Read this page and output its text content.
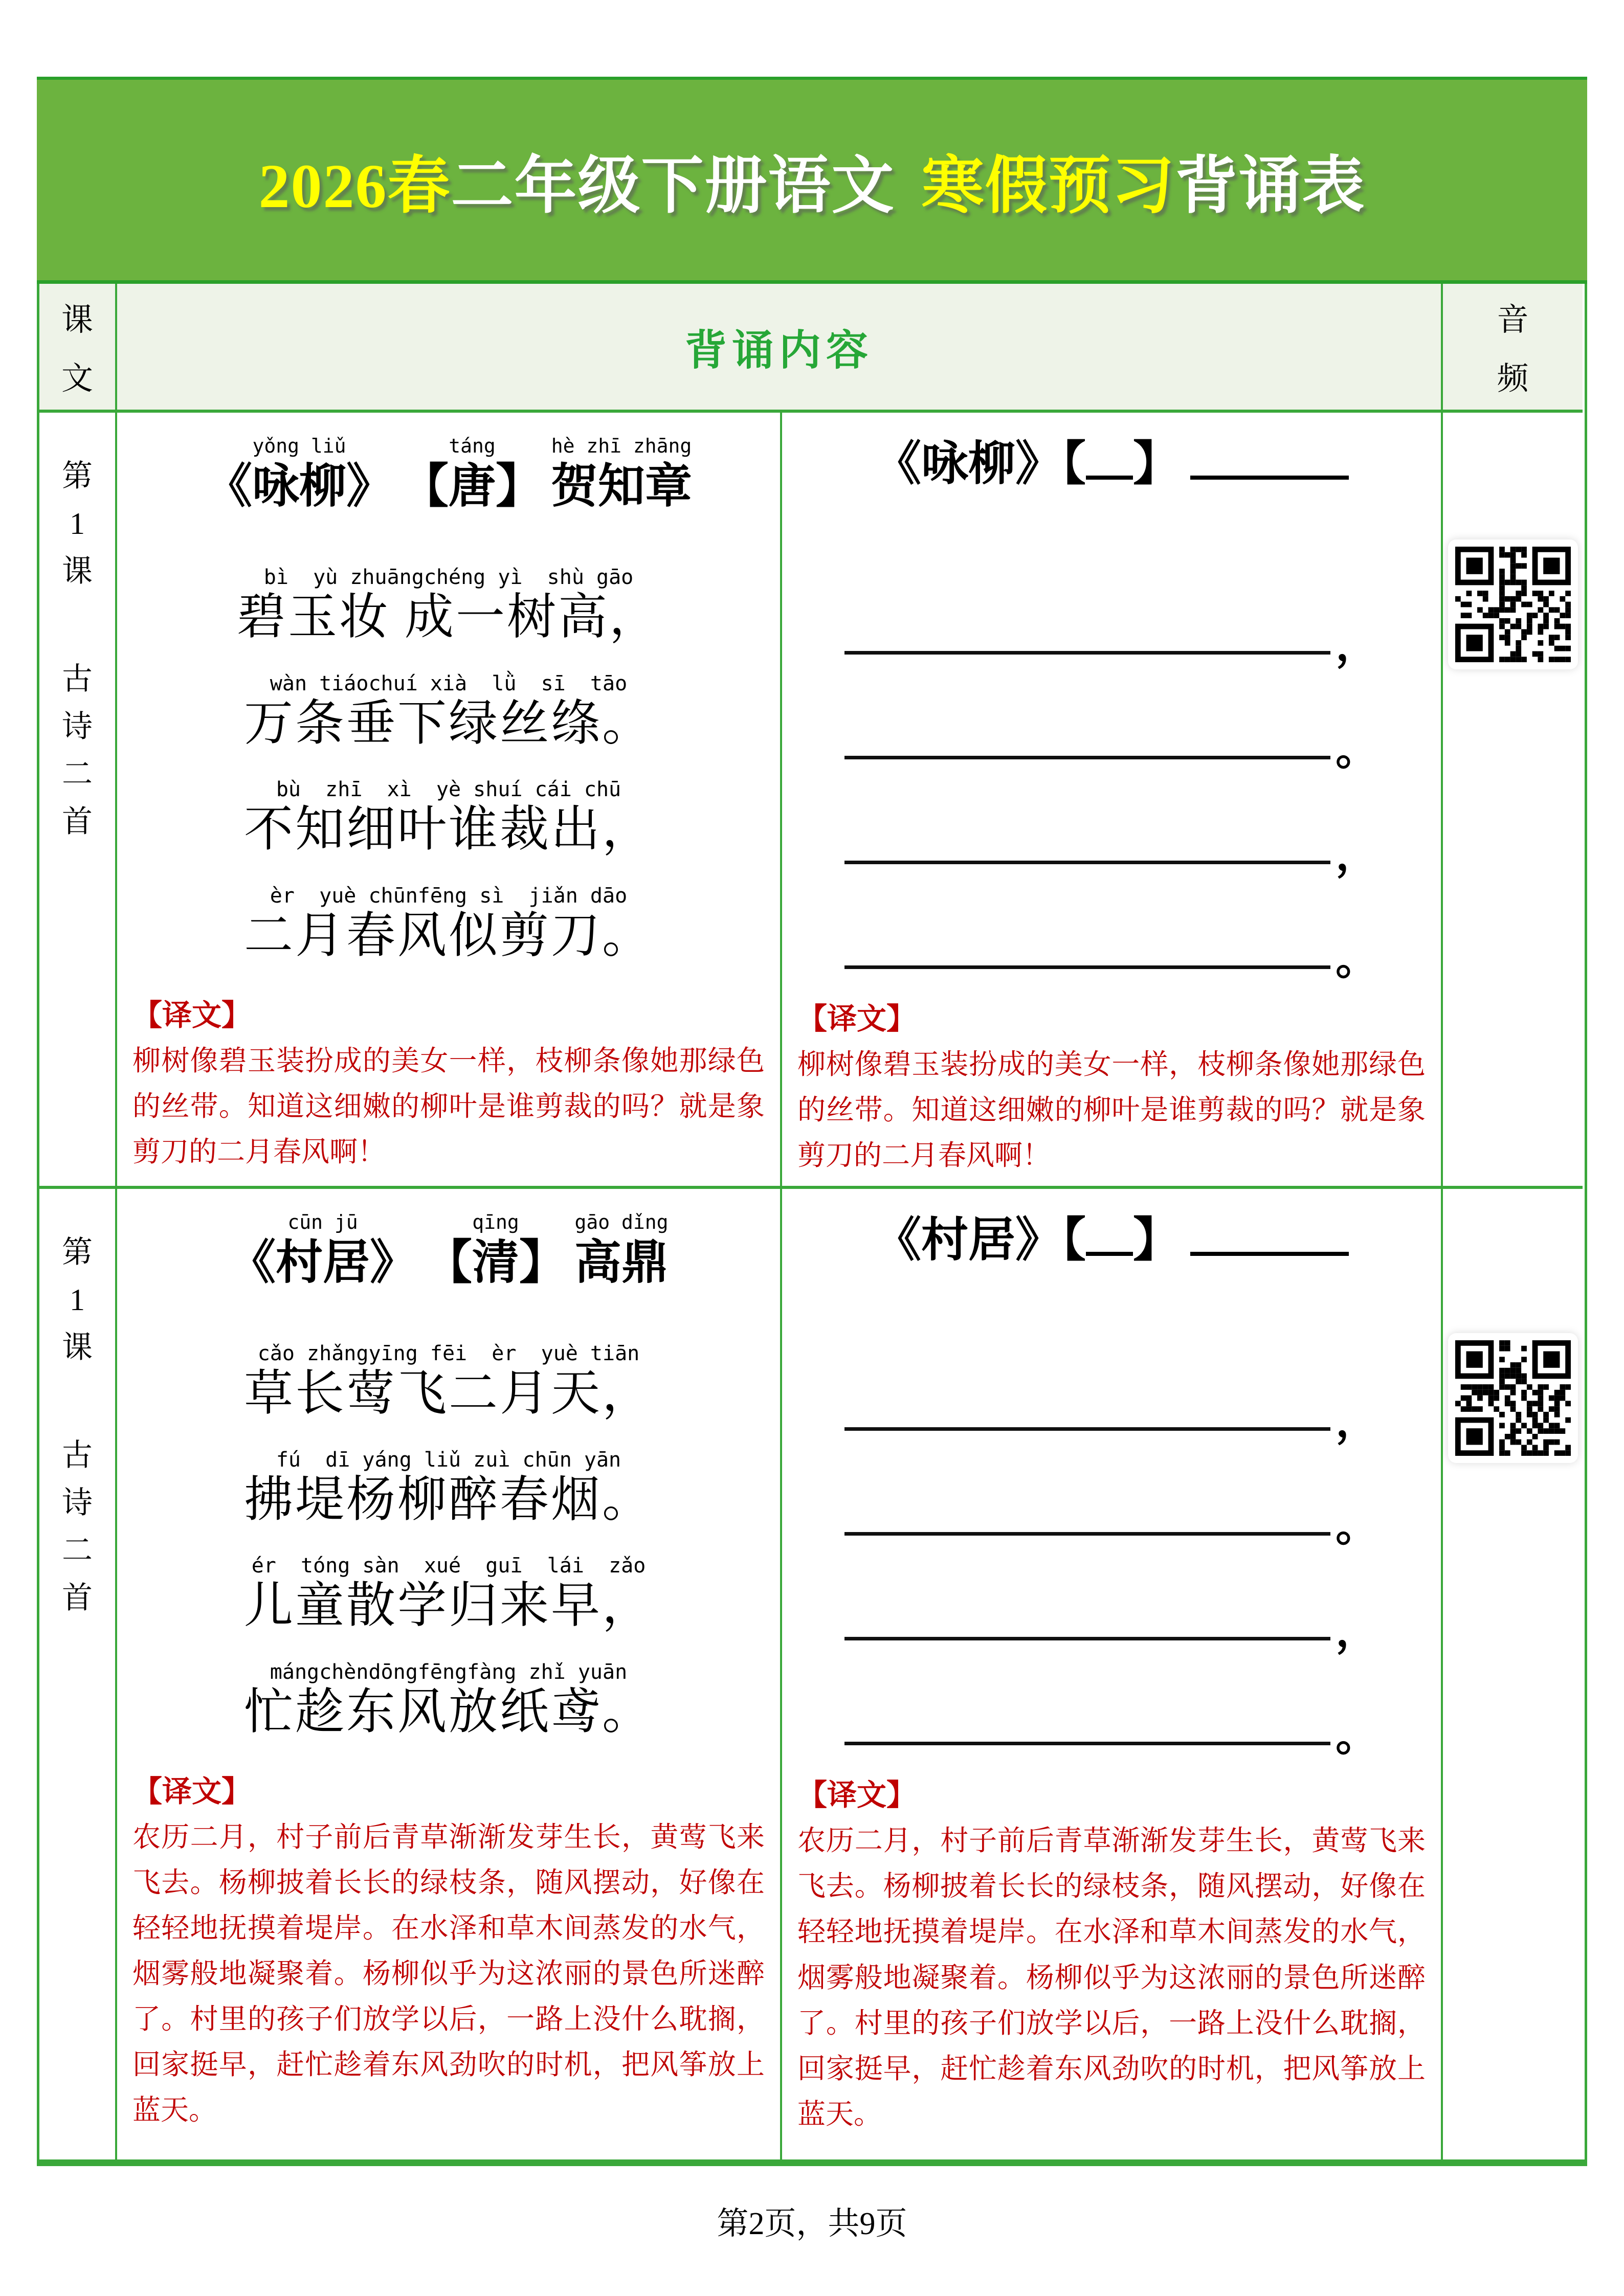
2026春 二年级下册语文 寒假预习 背诵表
课文
背诵内容
音频
第1课
古诗二首
yǒng liǔ
《咏柳》
táng
【唐】
hè zhī zhāng
贺知章
bì  yù zhuāngchéng yì  shù gāo
碧玉妆 成一树高，
wàn tiáochuí xià  lǜ  sī  tāo
万条垂下绿丝绦。
bù  zhī  xì  yè shuí cái chū
不知细叶谁裁出，
èr  yuè chūnfēng sì  jiǎn dāo
二月春风似剪刀。
【译文】
柳树像碧玉装扮成的美女一样，枝柳条像她那绿色的丝带。知道这细嫩的柳叶是谁剪裁的吗？就是象剪刀的二月春风啊！
《咏柳》【 】
，
。
，
。
【译文】
柳树像碧玉装扮成的美女一样，枝柳条像她那绿色的丝带。知道这细嫩的柳叶是谁剪裁的吗？就是象剪刀的二月春风啊！
第1课
古诗二首
cūn jū
《村居》
qīng
【清】
gāo dǐng
高鼎
cǎo zhǎngyīng fēi  èr  yuè tiān
草长莺飞二月天，
fú  dī yáng liǔ zuì chūn yān
拂堤杨柳醉春烟。
ér  tóng sàn  xué  guī  lái  zǎo
儿童散学归来早，
mángchèndōngfēngfàng zhǐ yuān
忙趁东风放纸鸢。
【译文】
农历二月，村子前后青草渐渐发芽生长，黄莺飞来飞去。杨柳披着长长的绿枝条，随风摆动，好像在轻轻地抚摸着堤岸。在水泽和草木间蒸发的水气，烟雾般地凝聚着。杨柳似乎为这浓丽的景色所迷醉了。村里的孩子们放学以后，一路上没什么耽搁，回家挺早，赶忙趁着东风劲吹的时机，把风筝放上蓝天。
《村居》【 】
，
。
，
。
【译文】
农历二月，村子前后青草渐渐发芽生长，黄莺飞来飞去。杨柳披着长长的绿枝条，随风摆动，好像在轻轻地抚摸着堤岸。在水泽和草木间蒸发的水气，烟雾般地凝聚着。杨柳似乎为这浓丽的景色所迷醉了。村里的孩子们放学以后，一路上没什么耽搁，回家挺早，赶忙趁着东风劲吹的时机，把风筝放上蓝天。
第2页，共9页
